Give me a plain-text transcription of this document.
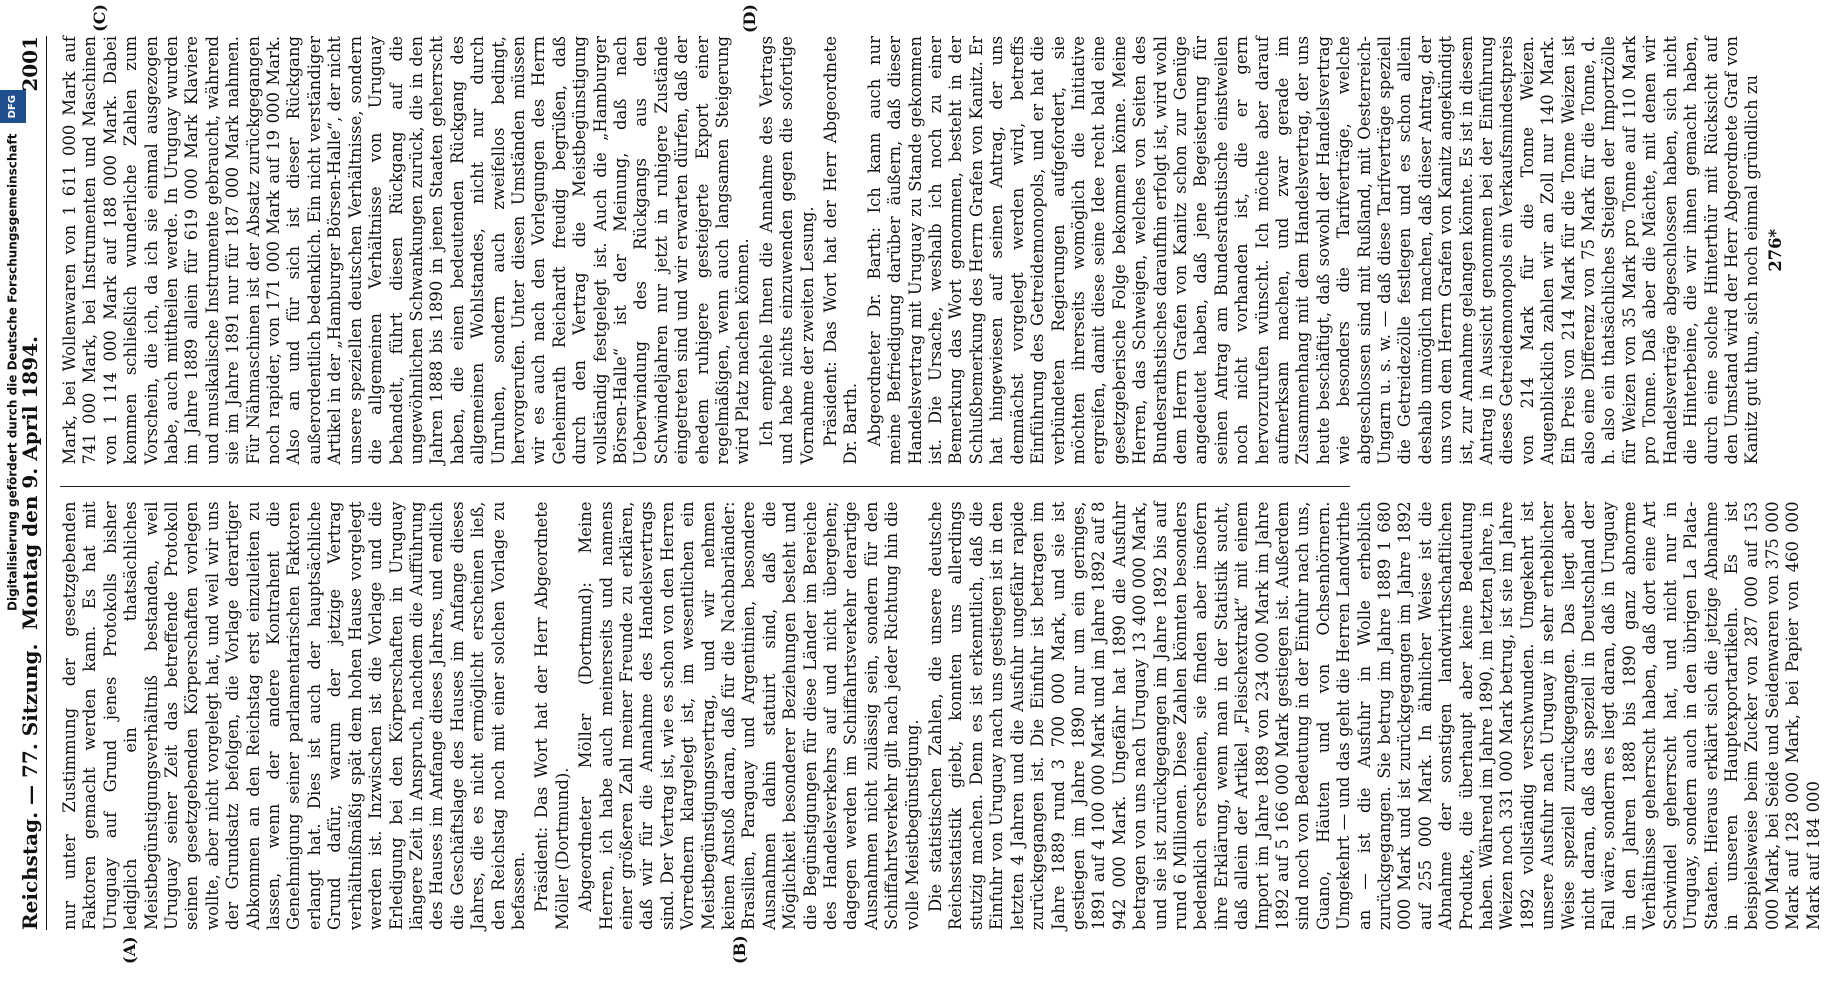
Digitalisierung gefördert durch die Deutsche Forschungsgemeinschaft DFG
Reichstag. — 77. Sitzung.
Montag den 9. April 1894.
2001
(A)	(B)
(C)	(D)

nur unter Zustimmung der gesetzgebenden Faktoren gemacht werden kann. Es hat mit Uruguay auf Grund jenes Protokolls bisher lediglich ein thatsächliches Meistbegünstigungsverhältniß bestanden, weil Uruguay seiner Zeit das betreffende Protokoll seinen gesetzgebenden Körperschaften vorlegen wollte, aber nicht vorgelegt hat, und weil wir uns der Grundsatz befolgen, die Vorlage derartiger Abkommen an den Reichstag erst einzuleiten zu lassen, wenn der andere Kontrahent die Genehmigung seiner parlamentarischen Faktoren erlangt hat. Dies ist auch der hauptsächliche Grund dafür, warum der jetzige Vertrag verhältnißmäßig spät dem hohen Hause vorgelegt werden ist. Inzwischen ist die Vorlage und die Erledigung bei den Körperschaften in Uruguay längere Zeit in Anspruch, nachdem die Aufführung des Hauses im Anfange dieses Jahres, und endlich die Geschäftslage des Hauses im Anfange dieses Jahres, die es nicht ermöglicht erscheinen ließ, den Reichstag noch mit einer solchen Vorlage zu befassen. Präsident: Das Wort hat der Herr Abgeordnete Möller (Dortmund). Abgeordneter Möller (Dortmund): Meine Herren, ich habe auch meinerseits und namens einer größeren Zahl meiner Freunde zu erklären, daß wir für die Annahme des Handelsvertrags sind. Der Vertrag ist, wie es schon von den Herren Vorrednern klargelegt ist, im wesentlichen ein Meistbegünstigungsvertrag, und wir nehmen keinen Anstoß daran, daß für die Nachbarländer: Brasilien, Paraguay und Argentinien, besondere Ausnahmen dahin statuirt sind, daß die Möglichkeit besonderer Beziehungen besteht und die Begünstigungen für diese Länder im Bereiche des Handelsverkehrs auf und nicht übergehen; dagegen werden im Schiffahrtsverkehr derartige Ausnahmen nicht zulässig sein, sondern für den Schiffahrtsverkehr gilt nach jeder Richtung hin die volle Meistbegünstigung. Die statistischen Zahlen, die unsere deutsche Reichsstatistik giebt, konnten uns allerdings stutzig machen. Denn es ist erkenntlich, daß die Einfuhr von Uruguay nach uns gestiegen ist in den letzten 4 Jahren und die Ausfuhr ungefähr rapide zurückgegangen ist. Die Einfuhr ist betragen im Jahre 1889 rund 3 700 000 Mark, und sie ist gestiegen im Jahre 1890 nur um ein geringes, 1891 auf 4 100 000 Mark und im Jahre 1892 auf 8 942 000 Mark. Ungefähr hat 1890 die Ausfuhr betragen von uns nach Uruguay 13 400 000 Mark, und sie ist zurückgegangen im Jahre 1892 bis auf rund 6 Millionen. Diese Zahlen könnten besonders bedenklich erscheinen, sie finden aber insofern ihre Erklärung, wenn man in der Statistik sucht, daß allein der Artikel „Fleischextrakt“ mit einem Import im Jahre 1889 von 234 000 Mark im Jahre 1892 auf 5 166 000 Mark gestiegen ist. Außerdem sind noch von Bedeutung in der Einfuhr nach uns, Guano, Häuten und von Ochsenhörnern. Umgekehrt — und das geht die Herren Landwirthe an — ist die Ausfuhr in Wolle erheblich zurückgegangen. Sie betrug im Jahre 1889 1 680 000 Mark und ist zurückgegangen im Jahre 1892 auf 255 000 Mark. In ähnlicher Weise ist die Abnahme der sonstigen landwirthschaftlichen Produkte, die überhaupt aber keine Bedeutung haben. Während im Jahre 1890, im letzten Jahre, in Weizen noch 331 000 Mark betrug, ist sie im Jahre 1892 vollständig verschwunden. Umgekehrt ist unsere Ausfuhr nach Uruguay in sehr erheblicher Weise speziell zurückgegangen. Das liegt aber nicht daran, daß das speziell in Deutschland der Fall wäre, sondern es liegt daran, daß in Uruguay in den Jahren 1888 bis 1890 ganz abnorme Verhältnisse geherrscht haben, daß dort eine Art Schwindel geherrscht hat, und nicht nur in Uruguay, sondern auch in den übrigen La Plata-Staaten. Hieraus erklärt sich die jetzige Abnahme in unseren Hauptexportartikeln. Es ist beispielsweise beim Zucker von 287 000 auf 153 000 Mark, bei Seide und Seidenwaren von 375 000 Mark auf 128 000 Mark, bei Papier von 460 000 Mark auf 184 000

Mark, bei Wollenwaren von 1 611 000 Mark auf 741 000 Mark, bei Instrumenten und Maschinen von 1 114 000 Mark auf 188 000 Mark. Dabei kommen schließlich wunderliche Zahlen zum Vorschein, die ich, da ich sie einmal ausgezogen habe, auch mittheilen werde. In Uruguay wurden im Jahre 1889 allein für 619 000 Mark Klaviere und musikalische Instrumente gebraucht, während sie im Jahre 1891 nur für 187 000 Mark nahmen. Für Nähmaschinen ist der Absatz zurückgegangen noch rapider, von 171 000 Mark auf 19 000 Mark. Also an und für sich ist dieser Rückgang außerordentlich bedenklich. Ein nicht verständiger Artikel in der „Hamburger Börsen-Halle“, der nicht unsere speziellen deutschen Verhältnisse, sondern die allgemeinen Verhältnisse von Uruguay behandelt, führt diesen Rückgang auf die ungewöhnlichen Schwankungen zurück, die in den Jahren 1888 bis 1890 in jenen Staaten geherrscht haben, die einen bedeutenden Rückgang des allgemeinen Wohlstandes, nicht nur durch Unruhen, sondern auch zweifellos bedingt, hervorgerufen. Unter diesen Umständen müssen wir es auch nach den Vorlegungen des Herrn Geheimrath Reichardt freudig begrüßen, daß durch den Vertrag die Meistbegünstigung vollständig festgelegt ist. Auch die „Hamburger Börsen-Halle“ ist der Meinung, daß nach Ueberwindung des Rückgangs aus den Schwindeljahren nur jetzt in ruhigere Zustände eingetreten sind und wir erwarten dürfen, daß der ehedem ruhigere gesteigerte Export einer regelmäßigen, wenn auch langsamen Steigerung wird Platz machen können. Ich empfehle Ihnen die Annahme des Vertrags und habe nichts einzuwenden gegen die sofortige Vornahme der zweiten Lesung. Präsident: Das Wort hat der Herr Abgeordnete Dr. Barth. Abgeordneter Dr. Barth: Ich kann auch nur meine Befriedigung darüber äußern, daß dieser Handelsvertrag mit Uruguay zu Stande gekommen ist. Die Ursache, weshalb ich noch zu einer Bemerkung das Wort genommen, besteht in der Schlußbemerkung des Herrn Grafen von Kanitz. Er hat hingewiesen auf seinen Antrag, der uns demnächst vorgelegt werden wird, betreffs Einführung des Getreidemonopols, und er hat die verbündeten Regierungen aufgefordert, sie möchten ihrerseits womöglich die Initiative ergreifen, damit diese seine Idee recht bald eine gesetzgeberische Folge bekommen könne. Meine Herren, das Schweigen, welches von Seiten des Bundesrathstisches daraufhin erfolgt ist, wird wohl dem Herrn Grafen von Kanitz schon zur Genüge angedeutet haben, daß jene Begeisterung für seinen Antrag am Bundesrathstische einstweilen noch nicht vorhanden ist, die er gern hervorzurufen wünscht. Ich möchte aber darauf aufmerksam machen, und zwar gerade im Zusammenhang mit dem Handelsvertrag, der uns heute beschäftigt, daß sowohl der Handelsvertrag wie besonders die Tarifverträge, welche abgeschlossen sind mit Rußland, mit Oesterreich-Ungarn u. s. w. — daß diese Tarifverträge speziell die Getreidezölle festlegen und es schon allein deshalb unmöglich machen, daß dieser Antrag, der uns von dem Herrn Grafen von Kanitz angekündigt ist, zur Annahme gelangen könnte. Es ist in diesem Antrag in Aussicht genommen bei der Einführung dieses Getreidemonopols ein Verkaufsmindestpreis von 214 Mark für die Tonne Weizen. Augenblicklich zahlen wir an Zoll nur 140 Mark. Ein Preis von 214 Mark für die Tonne Weizen ist also eine Differenz von 75 Mark für die Tonne, d. h. also ein thatsächliches Steigen der Importzölle für Weizen von 35 Mark pro Tonne auf 110 Mark pro Tonne. Daß aber die Mächte, mit denen wir Handelsverträge abgeschlossen haben, sich nicht die Hinterbeine, die wir ihnen gemacht haben, durch eine solche Hinterthür mit Rücksicht auf den Umstand wird der Herr Abgeordnete Graf von Kanitz gut thun, sich noch einmal gründlich zu 276*
